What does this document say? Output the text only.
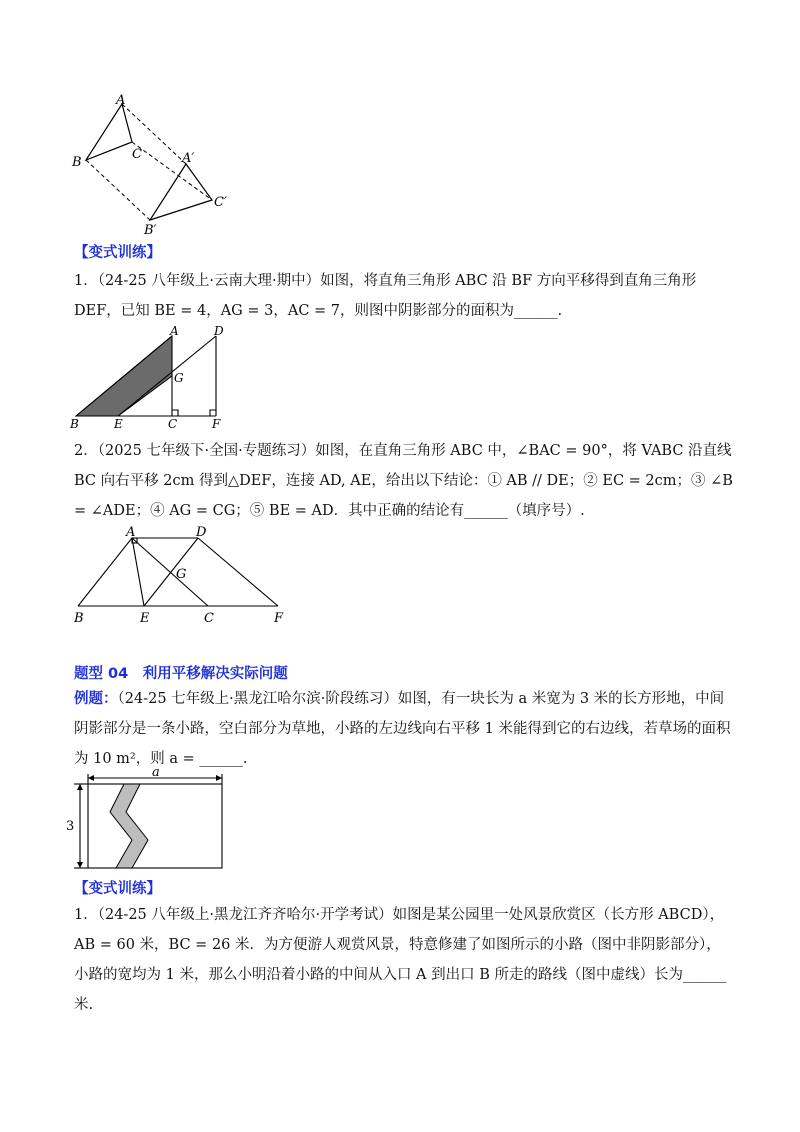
A
B
C	A′
B′
C′
【变式训练】
1．（24-25 八年级上·云南大理·期中）如图，将直角三角形 ABC 沿 BF 方向平移得到直角三角形 DEF，已知 BE = 4，AG = 3，AC = 7，则图中阴影部分的面积为______.
A	D
G
B	E	C	F
2．（2025 七年级下·全国·专题练习）如图，在直角三角形 ABC 中，∠BAC = 90°，将 VABC 沿直线 BC 向右平移 2cm 得到△DEF，连接 AD, AE，给出以下结论：① AB // DE；② EC = 2cm；③ ∠B = ∠ADE；④ AG = CG；⑤ BE = AD．其中正确的结论有______（填序号）.
A	D
G
B	E	C	F
题型 04　利用平移解决实际问题
例题：（24-25 七年级上·黑龙江哈尔滨·阶段练习）如图，有一块长为 a 米宽为 3 米的长方形地，中间阴影部分是一条小路，空白部分为草地，小路的左边线向右平移 1 米能得到它的右边线，若草场的面积为 10 m²，则 a = ______.
a
3
【变式训练】
1．（24-25 八年级上·黑龙江齐齐哈尔·开学考试）如图是某公园里一处风景欣赏区（长方形 ABCD），AB = 60 米，BC = 26 米．为方便游人观赏风景，特意修建了如图所示的小路（图中非阴影部分），小路的宽均为 1 米，那么小明沿着小路的中间从入口 A 到出口 B 所走的路线（图中虚线）长为______米.
